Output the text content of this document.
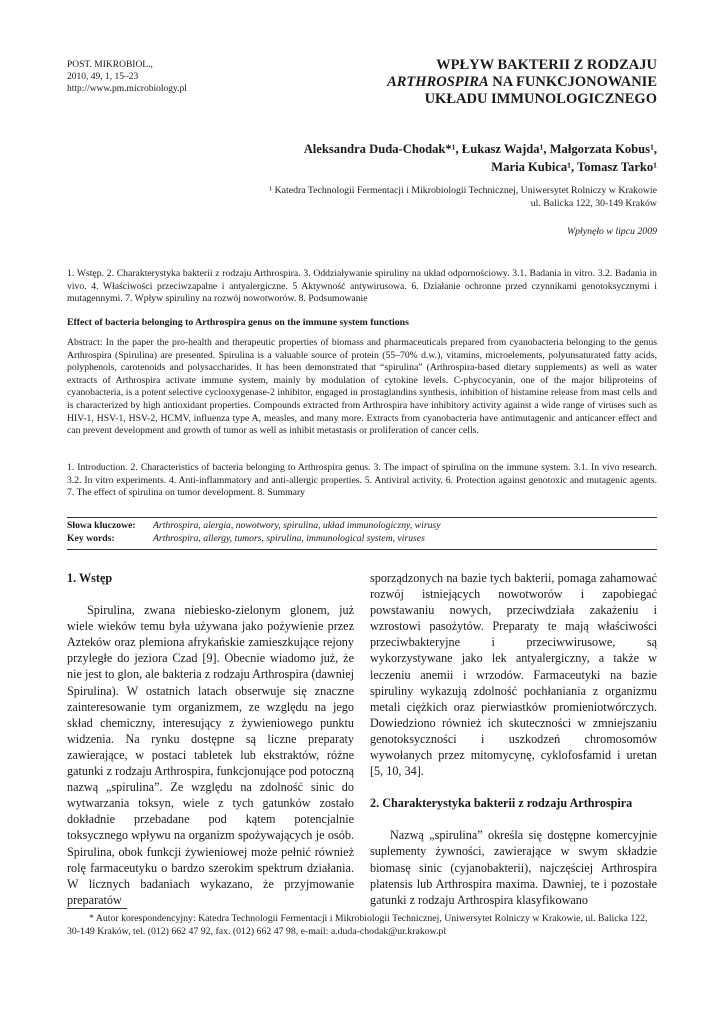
POST. MIKROBIOL.,
2010, 49, 1, 15–23
http://www.pm.microbiology.pl
WPŁYW BAKTERII Z RODZAJU
ARTHROSPIRA NA FUNKCJONOWANIE
UKŁADU IMMUNOLOGICZNEGO
Aleksandra Duda-Chodak*¹, Łukasz Wajda¹, Małgorzata Kobus¹,
Maria Kubica¹, Tomasz Tarko¹
¹ Katedra Technologii Fermentacji i Mikrobiologii Technicznej, Uniwersytet Rolniczy w Krakowie
ul. Balicka 122, 30-149 Kraków
Wpłynęło w lipcu 2009
1. Wstęp. 2. Charakterystyka bakterii z rodzaju Arthrospira. 3. Oddziaływanie spiruliny na układ odpornościowy. 3.1. Badania in vitro. 3.2. Badania in vivo. 4. Właściwości przeciwzapalne i antyalergiczne. 5 Aktywność antywirusowa. 6. Działanie ochronne przed czynnikami genotoksycznymi i mutagennymi. 7. Wpływ spiruliny na rozwój nowotworów. 8. Podsumowanie
Effect of bacteria belonging to Arthrospira genus on the immune system functions
Abstract: In the paper the pro-health and therapeutic properties of biomass and pharmaceuticals prepared from cyanobacteria belonging to the genus Arthrospira (Spirulina) are presented. Spirulina is a valuable source of protein (55–70% d.w.), vitamins, microelements, polyunsaturated fatty acids, polyphenols, carotenoids and polysaccharides. It has been demonstrated that “spirulina” (Arthrospira-based dietary supplements) as well as water extracts of Arthrospira activate immune system, mainly by modulation of cytokine levels. C-phycocyanin, one of the major biliproteins of cyanobacteria, is a potent selective cyclooxygenase-2 inhibitor, engaged in prostaglandins synthesis, inhibition of histamine release from mast cells and is characterized by high antioxidant properties. Compounds extracted from Arthrospira have inhibitory activity against a wide range of viruses such as HIV-1, HSV-1, HSV-2, HCMV, influenza type A, measles, and many more. Extracts from cyanobacteria have antimutagenic and anticancer effect and can prevent development and growth of tumor as well as inhibit metastasis or proliferation of cancer cells.
1. Introduction. 2. Characteristics of bacteria belonging to Arthrospira genus. 3. The impact of spirulina on the immune system. 3.1. In vivo research. 3.2. In vitro experiments. 4. Anti-inflammatory and anti-allergic properties. 5. Antiviral activity. 6. Protection against genotoxic and mutagenic agents. 7. The effect of spirulina on tumor development. 8. Summary
Słowa kluczowe: Arthrospira, alergia, nowotwory, spirulina, układ immunologiczny, wirusy
Key words:	Arthrospira, allergy, tumors, spirulina, immunological system, viruses

1. Wstęp

Spirulina, zwana niebiesko-zielonym glonem, już wiele wieków temu była używana jako pożywienie przez Azteków oraz plemiona afrykańskie zamieszkujące rejony przyległe do jeziora Czad [9]. Obecnie wiadomo już, że nie jest to glon, ale bakteria z rodzaju Arthrospira (dawniej Spirulina). W ostatnich latach obserwuje się znaczne zainteresowanie tym organizmem, ze względu na jego skład chemiczny, interesujący z żywieniowego punktu widzenia. Na rynku dostępne są liczne preparaty zawierające, w postaci tabletek lub ekstraktów, różne gatunki z rodzaju Arthrospira, funkcjonujące pod potoczną nazwą „spirulina”. Ze względu na zdolność sinic do wytwarzania toksyn, wiele z tych gatunków zostało dokładnie przebadane pod kątem potencjalnie toksycznego wpływu na organizm spożywających je osób. Spirulina, obok funkcji żywieniowej może pełnić również rolę farmaceutyku o bardzo szerokim spektrum działania. W licznych badaniach wykazano, że przyjmowanie preparatów

sporządzonych na bazie tych bakterii, pomaga zahamować rozwój istniejących nowotworów i zapobiegać powstawaniu nowych, przeciwdziała zakażeniu i wzrostowi pasożytów. Preparaty te mają właściwości przeciwbakteryjne i przeciwwirusowe, są wykorzystywane jako lek antyalergiczny, a także w leczeniu anemii i wrzodów. Farmaceutyki na bazie spiruliny wykazują zdolność pochłaniania z organizmu metali ciężkich oraz pierwiastków promieniotwórczych. Dowiedziono również ich skuteczności w zmniejszaniu genotoksyczności i uszkodzeń chromosomów wywołanych przez mitomycynę, cyklofosfamid i uretan [5, 10, 34].

2. Charakterystyka bakterii z rodzaju Arthrospira

Nazwą „spirulina” określa się dostępne komercyjnie suplementy żywności, zawierające w swym składzie biomasę sinic (cyjanobakterii), najczęściej Arthrospira platensis lub Arthrospira maxima. Dawniej, te i pozostałe gatunki z rodzaju Arthrospira klasyfikowano

* Autor korespondencyjny: Katedra Technologii Fermentacji i Mikrobiologii Technicznej, Uniwersytet Rolniczy w Krakowie, ul. Balicka 122, 30-149 Kraków, tel. (012) 662 47 92, fax. (012) 662 47 98, e-mail: a.duda-chodak@ur.krakow.pl
